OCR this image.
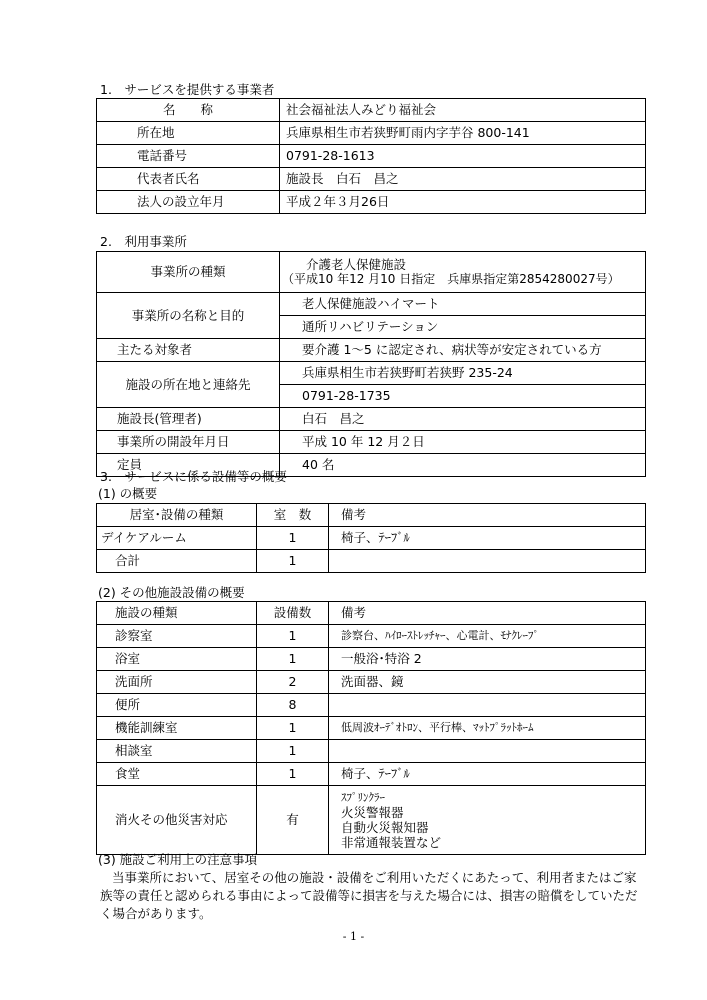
1.　サービスを提供する事業者
名　　称	社会福祉法人みどり福祉会
所在地	兵庫県相生市若狭野町雨内字芋谷 800-141
電話番号	0791-28-1613
代表者氏名	施設長　白石　昌之
法人の設立年月	平成２年３月26日
2.　利用事業所
事業所の種類	介護老人保健施設
（平成10 年12 月10 日指定　兵庫県指定第2854280027号）

事業所の名称と目的	老人保健施設ハイマート
	通所リハビリテーション
主たる対象者	要介護 1～5 に認定され、病状等が安定されている方
施設の所在地と連絡先	兵庫県相生市若狭野町若狭野 235-24
	0791-28-1735
施設長(管理者)	白石　昌之
事業所の開設年月日	平成 10 年 12 月２日
定員	40 名
3.　サービスに係る設備等の概要
(1) の概要
居室･設備の種類	室　数	備考
デイケアルーム	1	椅子、ﾃｰﾌﾞﾙ
合計	1	
(2) その他施設設備の概要
施設の種類	設備数	備考
診察室	1	診察台、ﾊｲﾛｰｽﾄﾚｯﾁｬｰ、心電計、ﾓﾅｸﾚｰﾌﾟ
浴室	1	一般浴･特浴 2
洗面所	2	洗面器、鏡
便所	8	
機能訓練室	1	低周波ｵｰﾃﾞｵﾄﾛﾝ、平行棒、ﾏｯﾄﾌﾟﾗｯﾄﾎｰﾑ
相談室	1	
食堂	1	椅子、ﾃｰﾌﾞﾙ
消火その他災害対応	有	ｽﾌﾟﾘﾝｸﾗｰ
火災警報器
自動火災報知器
非常通報装置など
(3) 施設ご利用上の注意事項
当事業所において、居室その他の施設・設備をご利用いただくにあたって、利用者またはご家族等の責任と認められる事由によって設備等に損害を与えた場合には、損害の賠償をしていただく場合があります。
- 1 -
